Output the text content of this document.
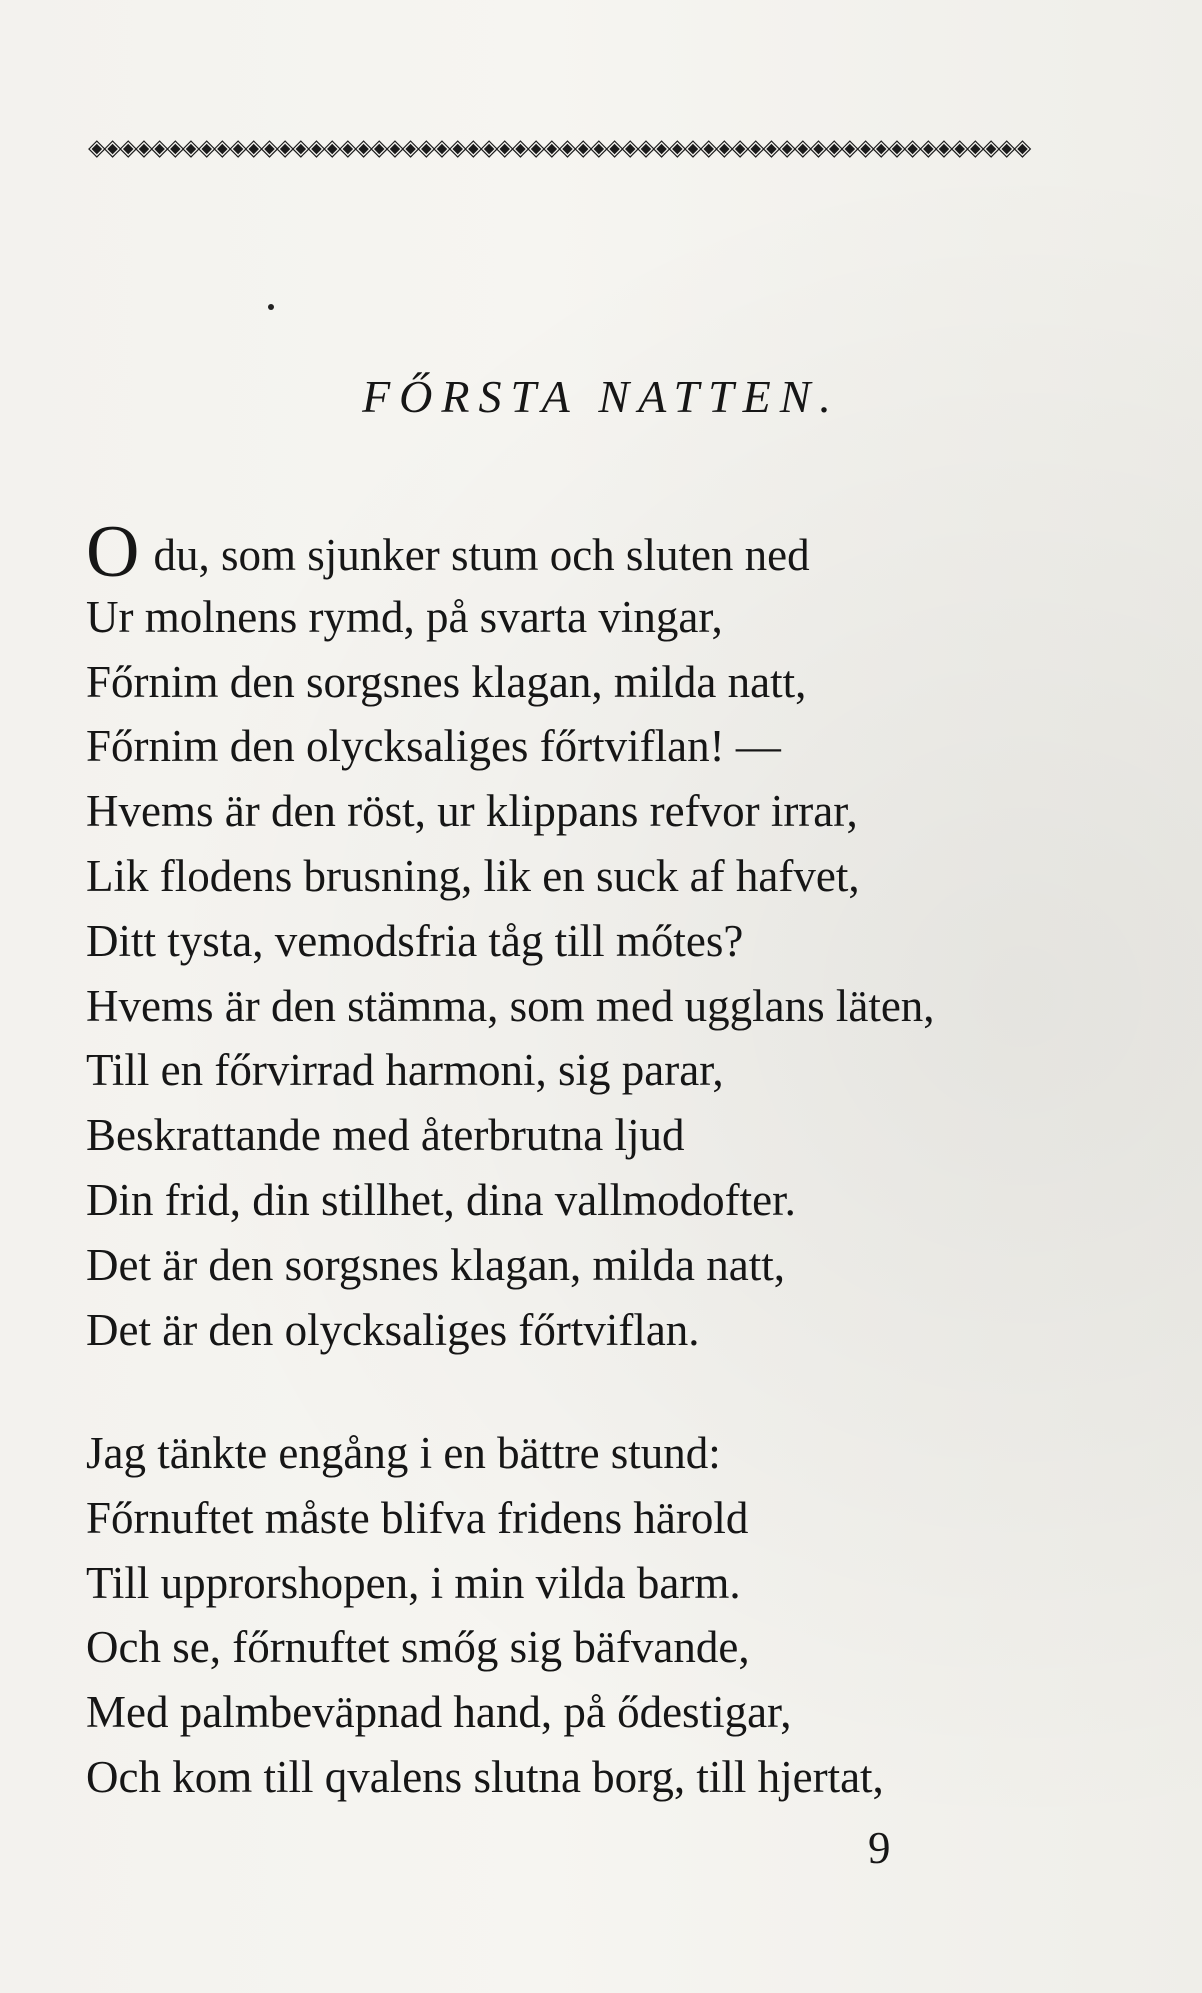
◈◈◈◈◈◈◈◈◈◈◈◈◈◈◈◈◈◈◈◈◈◈◈◈◈◈◈◈◈◈◈◈◈◈◈◈◈◈◈◈◈◈◈◈◈◈◈◈◈◈◈◈◈◈◈◈◈◈◈◈
FŐRSTA NATTEN.
Odu, som sjunker stum och sluten ned
Ur molnens rymd, på svarta vingar,
Főrnim den sorgsnes klagan, milda natt,
Főrnim den olycksaliges főrtviflan! —
Hvems är den röst, ur klippans refvor irrar,
Lik flodens brusning, lik en suck af hafvet,
Ditt tysta, vemodsfria tåg till mőtes?
Hvems är den stämma, som med ugglans läten,
Till en főrvirrad harmoni, sig parar,
Beskrattande med återbrutna ljud
Din frid, din stillhet, dina vallmodofter.
Det är den sorgsnes klagan, milda natt,
Det är den olycksaliges főrtviflan.
Jag tänkte engång i en bättre stund:
Főrnuftet måste blifva fridens härold
Till upprorshopen, i min vilda barm.
Och se, főrnuftet smőg sig bäfvande,
Med palmbeväpnad hand, på ődestigar,
Och kom till qvalens slutna borg, till hjertat,
9
